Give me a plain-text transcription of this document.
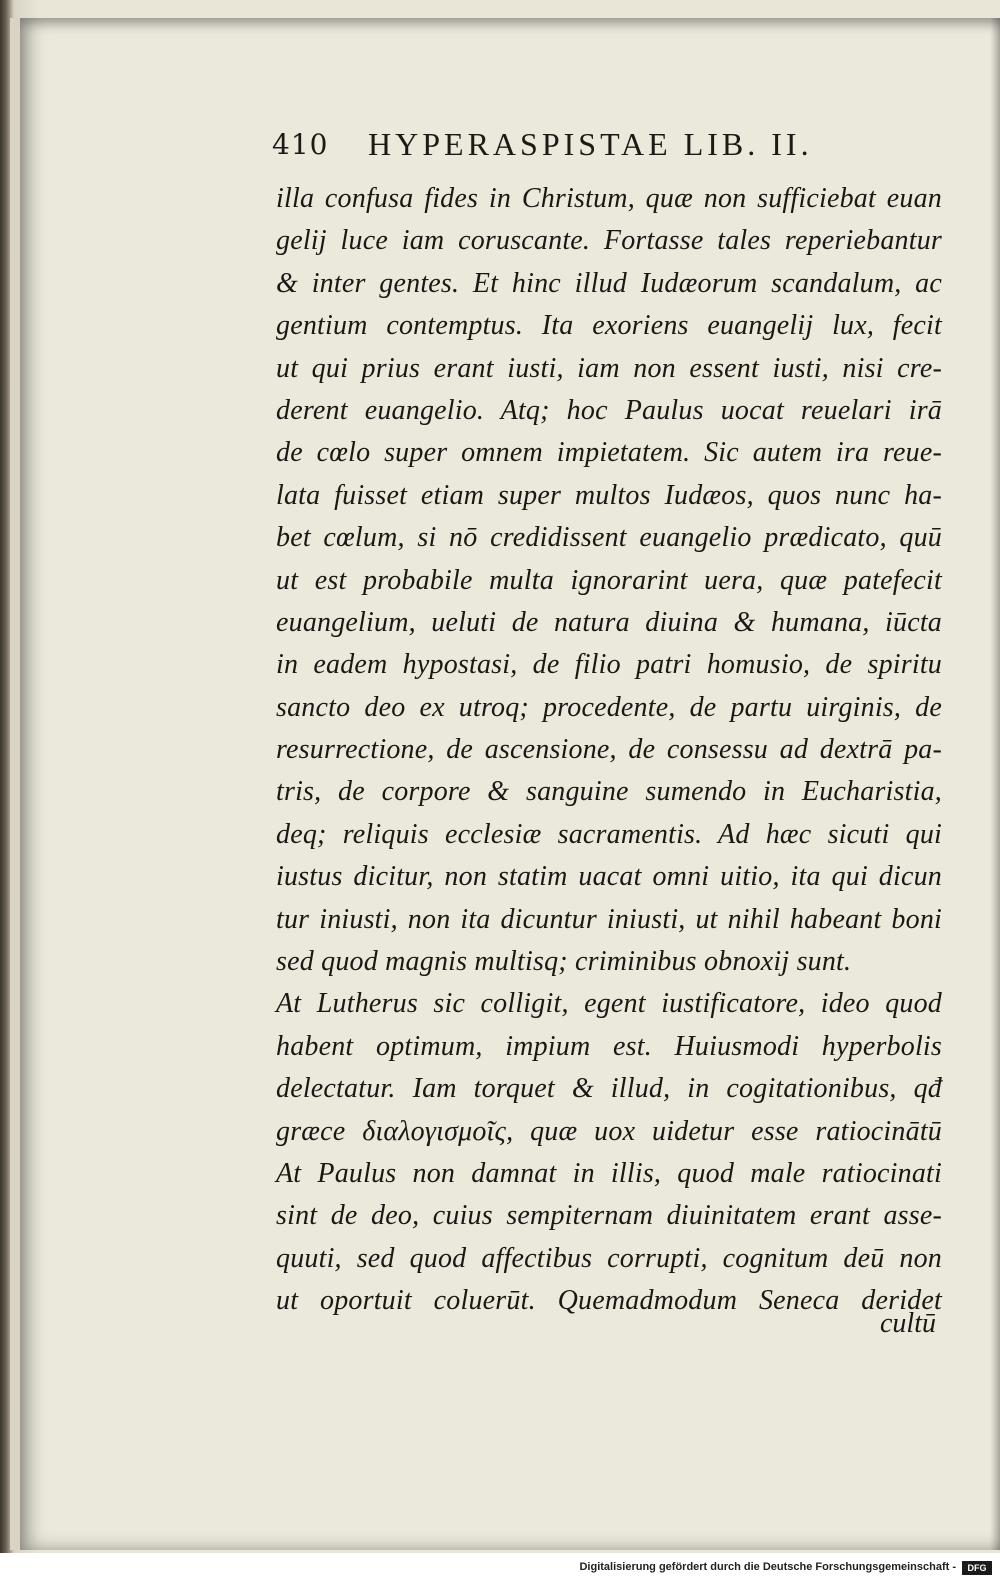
410 HYPERASPISTAE LIB. II.
illa confusa fides in Christum, quæ non sufficiebat euan
gelij luce iam coruscante. Fortasse tales reperiebantur
& inter gentes. Et hinc illud Iudæorum scandalum, ac
gentium contemptus. Ita exoriens euangelij lux, fecit
ut qui prius erant iusti, iam non essent iusti, nisi cre-
derent euangelio. Atq; hoc Paulus uocat reuelari irā
de cœlo super omnem impietatem. Sic autem ira reue-
lata fuisset etiam super multos Iudæos, quos nunc ha-
bet cœlum, si nō credidissent euangelio prædicato, quū
ut est probabile multa ignorarint uera, quæ patefecit
euangelium, ueluti de natura diuina & humana, iūcta
in eadem hypostasi, de filio patri homusio, de spiritu
sancto deo ex utroq; procedente, de partu uirginis, de
resurrectione, de ascensione, de consessu ad dextrā pa-
tris, de corpore & sanguine sumendo in Eucharistia,
deq; reliquis ecclesiæ sacramentis. Ad hæc sicuti qui
iustus dicitur, non statim uacat omni uitio, ita qui dicun
tur iniusti, non ita dicuntur iniusti, ut nihil habeant boni
sed quod magnis multisq; criminibus obnoxij sunt.
At Lutherus sic colligit, egent iustificatore, ideo quod
habent optimum, impium est. Huiusmodi hyperbolis
delectatur. Iam torquet & illud, in cogitationibus, qđ
græce διαλογισμοῖς, quæ uox uidetur esse ratiocinātū
At Paulus non damnat in illis, quod male ratiocinati
sint de deo, cuius sempiternam diuinitatem erant asse-
quuti, sed quod affectibus corrupti, cognitum deū non
ut oportuit coluerūt. Quemadmodum Seneca deridet
cultū
Digitalisierung gefördert durch die Deutsche Forschungsgemeinschaft -	DFG
